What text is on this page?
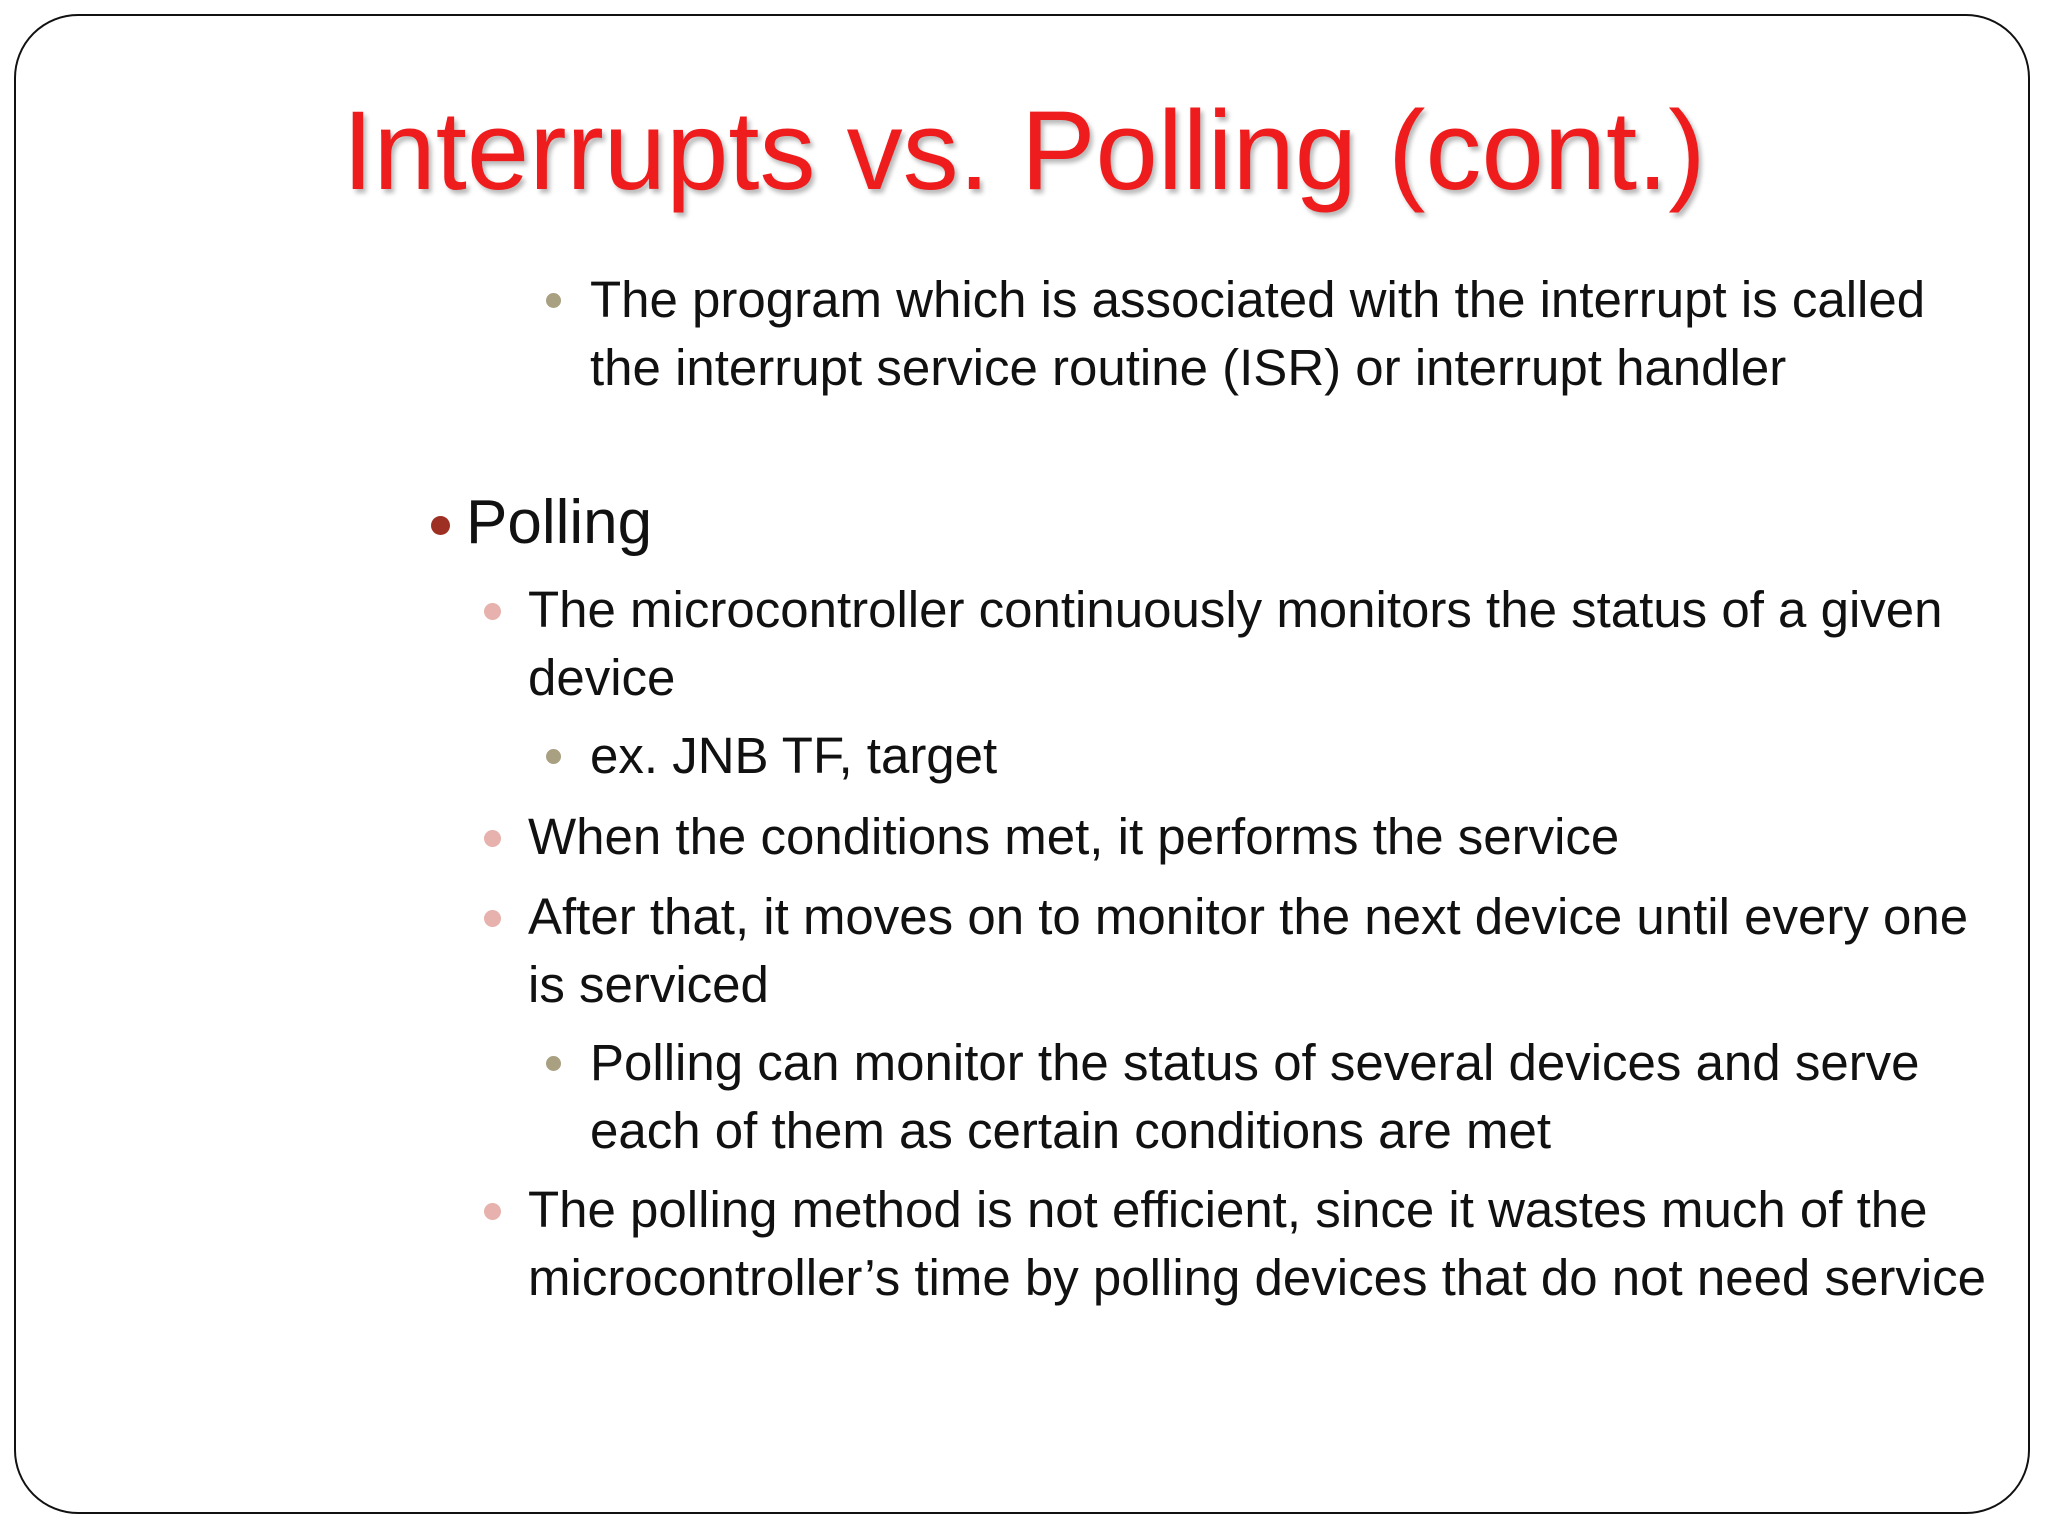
Interrupts vs. Polling (cont.)
The program which is associated with the interrupt is called the interrupt service routine (ISR) or interrupt handler
Polling
The microcontroller continuously monitors the status of a given device
ex. JNB TF, target
When the conditions met, it performs the service
After that, it moves on to monitor the next device until every one is serviced
Polling can monitor the status of several devices and serve each of them as certain conditions are met
The polling method is not efficient, since it wastes much of the microcontroller’s time by polling devices that do not need service
